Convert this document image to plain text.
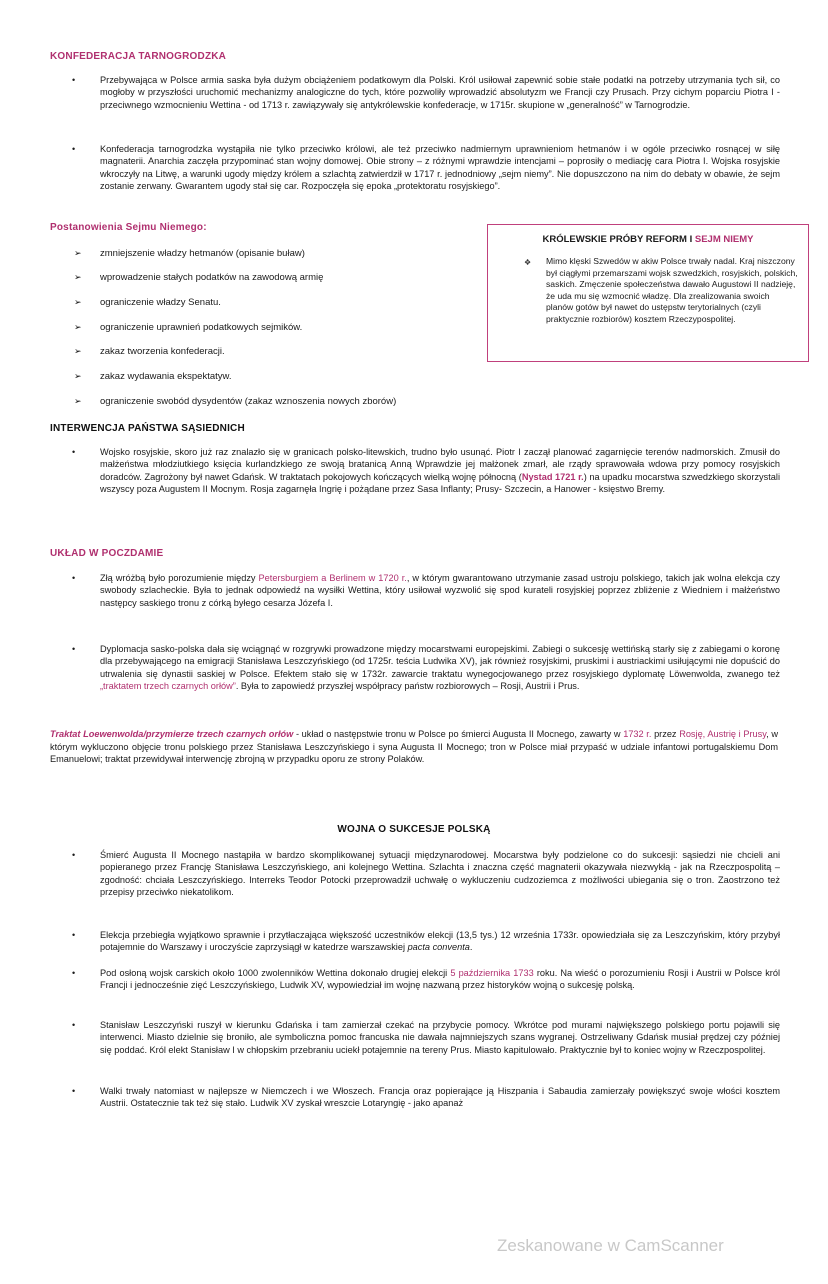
KONFEDERACJA TARNOGRODZKA
•	Przebywająca w Polsce armia saska była dużym obciążeniem podatkowym dla Polski. Król usiłował zapewnić sobie stałe podatki na potrzeby utrzymania tych sił, co mogłoby w przyszłości uruchomić mechanizmy analogiczne do tych, które pozwoliły wprowadzić absolutyzm we Francji czy Prusach. Przy cichym poparciu Piotra I - przeciwnego wzmocnieniu Wettina - od 1713 r. zawiązywały się antykrólewskie konfederacje, w 1715r. skupione w „generalność” w Tarnogrodzie.
•	Konfederacja tarnogrodzka wystąpiła nie tylko przeciwko królowi, ale też przeciwko nadmiernym uprawnieniom hetmanów i w ogóle przeciwko rosnącej w siłę magnaterii. Anarchia zaczęła przypominać stan wojny domowej. Obie strony – z różnymi wprawdzie intencjami – poprosiły o mediację cara Piotra I. Wojska rosyjskie wkroczyły na Litwę, a warunki ugody między królem a szlachtą zatwierdził w 1717 r. jednodniowy „sejm niemy”. Nie dopuszczono na nim do debaty w obawie, że sejm zostanie zerwany. Gwarantem ugody stał się car. Rozpoczęła się epoka „protektoratu rosyjskiego”.
Postanowienia Sejmu Niemego:
➢ zmniejszenie władzy hetmanów (opisanie buław)
➢ wprowadzenie stałych podatków na zawodową armię
➢ ograniczenie władzy Senatu.
➢ ograniczenie uprawnień podatkowych sejmików.
➢ zakaz tworzenia konfederacji.
➢ zakaz wydawania ekspektatyw.
➢ ograniczenie swobód dysydentów (zakaz wznoszenia nowych zborów)
KRÓLEWSKIE PRÓBY REFORM I SEJM NIEMY
❖ Mimo klęski Szwedów w akiw Polsce trwały nadal. Kraj niszczony był ciągłymi przemarszami wojsk szwedzkich, rosyjskich, polskich, saskich. Zmęczenie społeczeństwa dawało Augustowi II nadzieję, że uda mu się wzmocnić władzę. Dla zrealizowania swoich planów gotów był nawet do ustępstw terytorialnych (czyli praktycznie rozbiorów) kosztem Rzeczypospolitej.
INTERWENCJA PAŃSTWA SĄSIEDNICH
•	Wojsko rosyjskie, skoro już raz znalazło się w granicach polsko-litewskich, trudno było usunąć. Piotr I zaczął planować zagarnięcie terenów nadmorskich. Zmusił do małżeństwa młodziutkiego księcia kurlandzkiego ze swoją bratanicą Anną Wprawdzie jej małżonek zmarł, ale rządy sprawowała wdowa przy pomocy rosyjskich doradców. Zagrożony był nawet Gdańsk. W traktatach pokojowych kończących wielką wojnę północną (Nystad 1721 r.) na upadku mocarstwa szwedzkiego skorzystali wszyscy poza Augustem II Mocnym. Rosja zagarnęła Ingrię i pożądane przez Sasa Inflanty; Prusy- Szczecin, a Hanower - księstwo Bremy.
UKŁAD W POCZDAMIE
•	Złą wróżbą było porozumienie między Petersburgiem a Berlinem w 1720 r., w którym gwarantowano utrzymanie zasad ustroju polskiego, takich jak wolna elekcja czy swobody szlacheckie. Była to jednak odpowiedź na wysiłki Wettina, który usiłował wyzwolić się spod kurateli rosyjskiej poprzez zbliżenie z Wiedniem i małżeństwo następcy saskiego tronu z córką byłego cesarza Józefa I.
•	Dyplomacja sasko-polska dała się wciągnąć w rozgrywki prowadzone między mocarstwami europejskimi. Zabiegi o sukcesję wettińską starły się z zabiegami o koronę dla przebywającego na emigracji Stanisława Leszczyńskiego (od 1725r. teścia Ludwika XV), jak również rosyjskimi, pruskimi i austriackimi usiłującymi nie dopuścić do utrwalenia się dynastii saskiej w Polsce. Efektem stało się w 1732r. zawarcie traktatu wynegocjowanego przez rosyjskiego dyplomatę Löwenwolda, zwanego też „traktatem trzech czarnych orłów”. Była to zapowiedź przyszłej współpracy państw rozbiorowych – Rosji, Austrii i Prus.
Traktat Loewenwolda/przymierze trzech czarnych orłów - układ o następstwie tronu w Polsce po śmierci Augusta II Mocnego, zawarty w 1732 r. przez Rosję, Austrię i Prusy, w którym wykluczono objęcie tronu polskiego przez Stanisława Leszczyńskiego i syna Augusta II Mocnego; tron w Polsce miał przypaść w udziale infantowi portugalskiemu Dom Emanuelowi; traktat przewidywał interwencję zbrojną w przypadku oporu ze strony Polaków.
WOJNA O SUKCESJE POLSKĄ
•	Śmierć Augusta II Mocnego nastąpiła w bardzo skomplikowanej sytuacji międzynarodowej. Mocarstwa były podzielone co do sukcesji: sąsiedzi nie chcieli ani popieranego przez Francję Stanisława Leszczyńskiego, ani kolejnego Wettina. Szlachta i znaczna część magnaterii okazywała niezwykłą - jak na Rzeczpospolitą – zgodność: chciała Leszczyńskiego. Interreks Teodor Potocki przeprowadził uchwałę o wykluczeniu cudzoziemca z możliwości ubiegania się o tron. Zaostrzono też przepisy przeciwko niekatolikom.
•	Elekcja przebiegła wyjątkowo sprawnie i przytłaczająca większość uczestników elekcji (13,5 tys.) 12 września 1733r. opowiedziała się za Leszczyńskim, który przybył potajemnie do Warszawy i uroczyście zaprzysiągł w katedrze warszawskiej pacta conventa.
•	Pod osłoną wojsk carskich około 1000 zwolenników Wettina dokonało drugiej elekcji 5 października 1733 roku. Na wieść o porozumieniu Rosji i Austrii w Polsce król Francji i jednocześnie zięć Leszczyńskiego, Ludwik XV, wypowiedział im wojnę nazwaną przez historyków wojną o sukcesję polską.
•	Stanisław Leszczyński ruszył w kierunku Gdańska i tam zamierzał czekać na przybycie pomocy. Wkrótce pod murami największego polskiego portu pojawili się interwenci. Miasto dzielnie się broniło, ale symboliczna pomoc francuska nie dawała najmniejszych szans wygranej. Ostrzeliwany Gdańsk musiał prędzej czy później się poddać. Król elekt Stanisław I w chłopskim przebraniu uciekł potajemnie na tereny Prus. Miasto kapitulowało. Praktycznie był to koniec wojny w Rzeczpospolitej.
•	Walki trwały natomiast w najlepsze w Niemczech i we Włoszech. Francja oraz popierające ją Hiszpania i Sabaudia zamierzały powiększyć swoje włości kosztem Austrii. Ostatecznie tak też się stało. Ludwik XV zyskał wreszcie Lotaryngię - jako apanaż
Zeskanowane w CamScanner
